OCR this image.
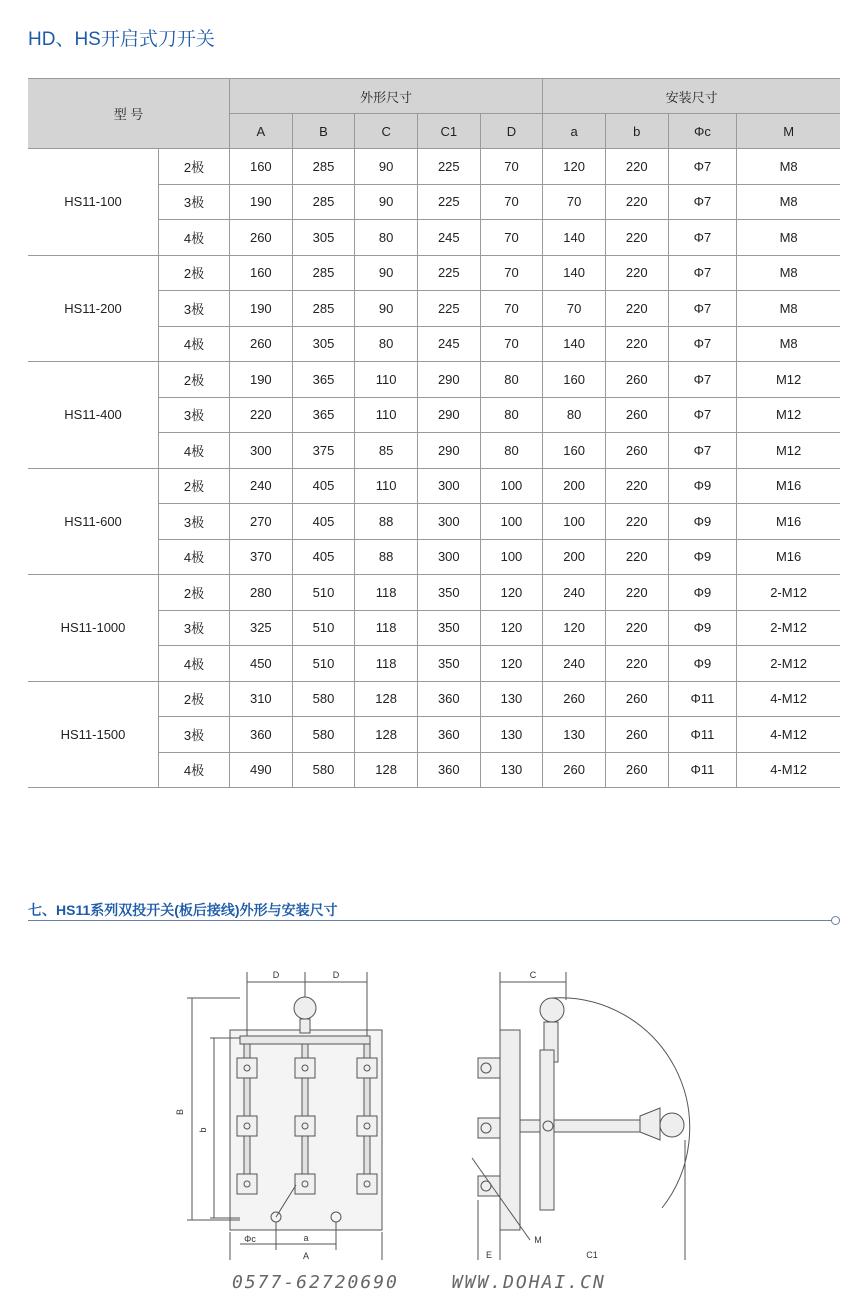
HD、HS开启式刀开关
型 号		外形尺寸					安装尺寸			
		A	B	C	C1	D	a	b	Φc	M
HS11-100	2极	160	285	90	225	70	120	220	Φ7	M8
	3极	190	285	90	225	70	70	220	Φ7	M8
	4极	260	305	80	245	70	140	220	Φ7	M8
HS11-200	2极	160	285	90	225	70	140	220	Φ7	M8
	3极	190	285	90	225	70	70	220	Φ7	M8
	4极	260	305	80	245	70	140	220	Φ7	M8
HS11-400	2极	190	365	110	290	80	160	260	Φ7	M12
	3极	220	365	110	290	80	80	260	Φ7	M12
	4极	300	375	85	290	80	160	260	Φ7	M12
HS11-600	2极	240	405	110	300	100	200	220	Φ9	M16
	3极	270	405	88	300	100	100	220	Φ9	M16
	4极	370	405	88	300	100	200	220	Φ9	M16
HS11-1000	2极	280	510	118	350	120	240	220	Φ9	2-M12
	3极	325	510	118	350	120	120	220	Φ9	2-M12
	4极	450	510	118	350	120	240	220	Φ9	2-M12
HS11-1500	2极	310	580	128	360	130	260	260	Φ11	4-M12
	3极	360	580	128	360	130	130	260	Φ11	4-M12
	4极	490	580	128	360	130	260	260	Φ11	4-M12
七、HS11系列双投开关(板后接线)外形与安装尺寸
D	D
B
b
Φc	a
A
C
M
E	C1
0577-62720690	WWW.DOHAI.CN
